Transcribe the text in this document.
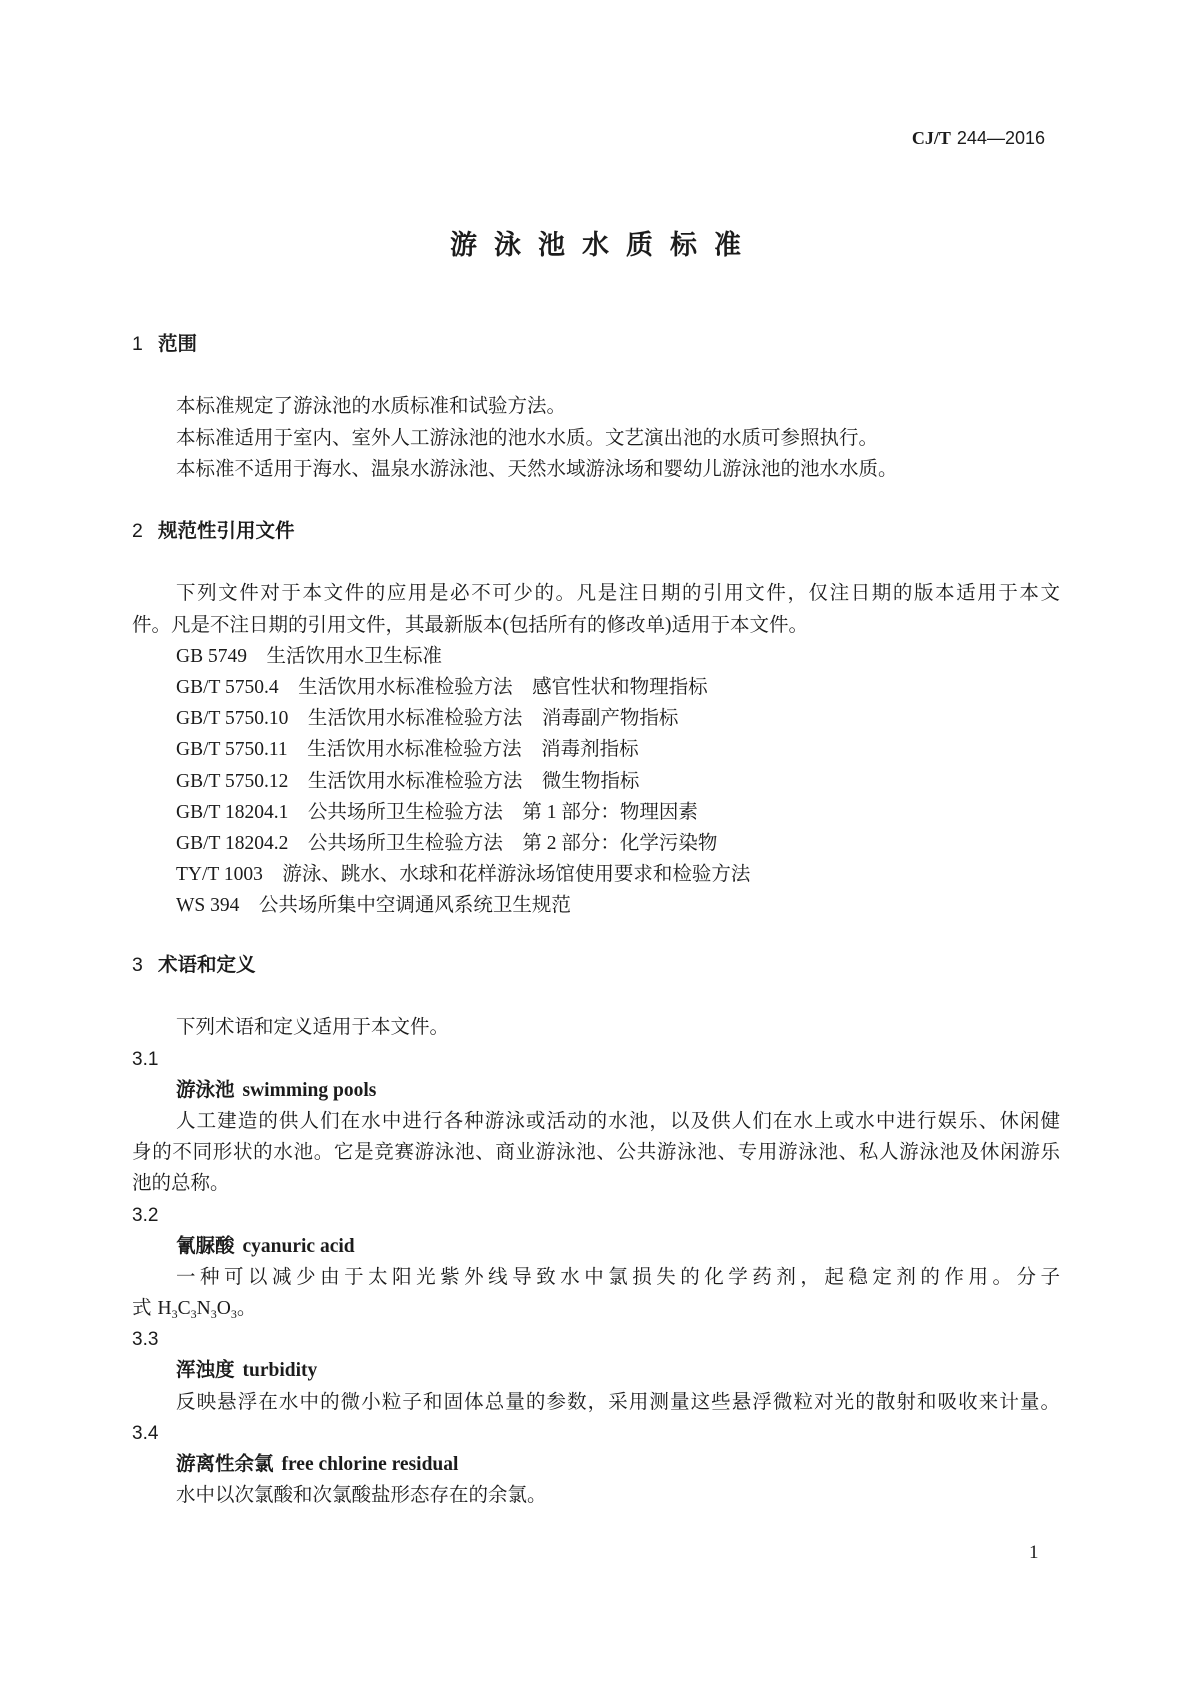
CJ/T 244—2016
游泳池水质标准
1 范围
本标准规定了游泳池的水质标准和试验方法。
本标准适用于室内、室外人工游泳池的池水水质。文艺演出池的水质可参照执行。
本标准不适用于海水、温泉水游泳池、天然水域游泳场和婴幼儿游泳池的池水水质。
2 规范性引用文件
下列文件对于本文件的应用是必不可少的。凡是注日期的引用文件，仅注日期的版本适用于本文
件。凡是不注日期的引用文件，其最新版本(包括所有的修改单)适用于本文件。
GB 5749　生活饮用水卫生标准
GB/T 5750.4　生活饮用水标准检验方法　感官性状和物理指标
GB/T 5750.10　生活饮用水标准检验方法　消毒副产物指标
GB/T 5750.11　生活饮用水标准检验方法　消毒剂指标
GB/T 5750.12　生活饮用水标准检验方法　微生物指标
GB/T 18204.1　公共场所卫生检验方法　第 1 部分：物理因素
GB/T 18204.2　公共场所卫生检验方法　第 2 部分：化学污染物
TY/T 1003　游泳、跳水、水球和花样游泳场馆使用要求和检验方法
WS 394　公共场所集中空调通风系统卫生规范
3 术语和定义
下列术语和定义适用于本文件。
3.1
游泳池 swimming pools
人工建造的供人们在水中进行各种游泳或活动的水池，以及供人们在水上或水中进行娱乐、休闲健
身的不同形状的水池。它是竞赛游泳池、商业游泳池、公共游泳池、专用游泳池、私人游泳池及休闲游乐
池的总称。
3.2
氰脲酸 cyanuric acid
一种可以减少由于太阳光紫外线导致水中氯损失的化学药剂，起稳定剂的作用。分子
式 $H_3C_3N_3O_3$。
3.3
浑浊度 turbidity
反映悬浮在水中的微小粒子和固体总量的参数，采用测量这些悬浮微粒对光的散射和吸收来计量。
3.4
游离性余氯 free chlorine residual
水中以次氯酸和次氯酸盐形态存在的余氯。
1
